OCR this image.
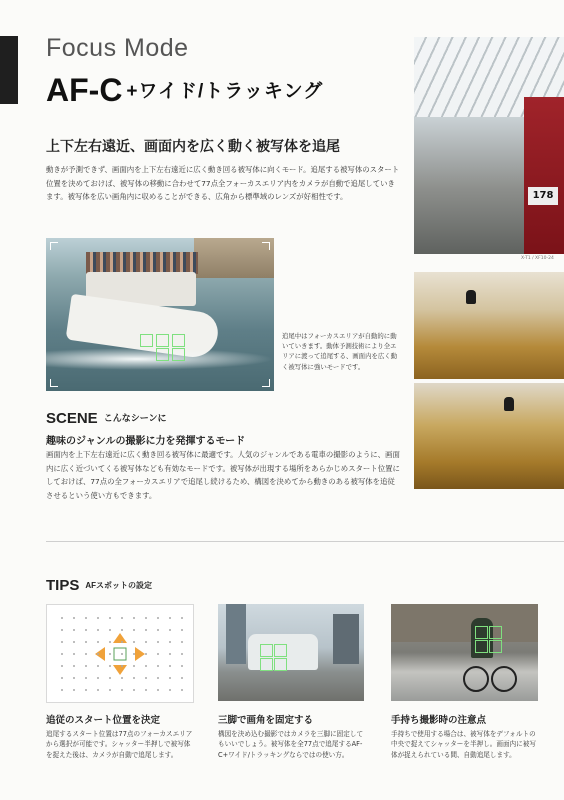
Focus Mode
AF-C +ワイド/トラッキング
上下左右遠近、画面内を広く動く被写体を追尾
動きが予測できず、画面内を上下左右遠近に広く動き回る被写体に向くモード。追尾する被写体のスタート位置を決めておけば、被写体の移動に合わせて77点全フォーカスエリア内をカメラが自動で追尾していきます。被写体を広い画角内に収めることができる、広角から標準域のレンズが好相性です。
追尾中はフォーカスエリアが自動的に動いていきます。動体予測技術により全エリアに渡って追尾する、画面内を広く動く被写体に強いモードです。
SCENE こんなシーンに
趣味のジャンルの撮影に力を発揮するモード
画面内を上下左右遠近に広く動き回る被写体に最適です。人気のジャンルである電車の撮影のように、画面内に広く近づいてくる被写体なども有効なモードです。被写体が出現する場所をあらかじめスタート位置にしておけば、77点の全フォーカスエリアで追尾し続けるため、構図を決めてから動きのある被写体を追従させるという使い方もできます。
178
X-T1 / XF10-24
TIPS AFスポットの設定
追従のスタート位置を決定
追尾するスタート位置は77点のフォーカスエリアから選択が可能です。シャッター半押しで被写体を捉えた後は、カメラが自動で追尾します。
三脚で画角を固定する
構図を決め込む撮影ではカメラを三脚に固定してもいいでしょう。被写体を全77点で追尾するAF-C+ワイド/トラッキングならではの使い方。
手持ち撮影時の注意点
手持ちで使用する場合は、被写体をデフォルトの中央で捉えてシャッターを半押し。画面内に被写体が捉えられている間、自動追尾します。
